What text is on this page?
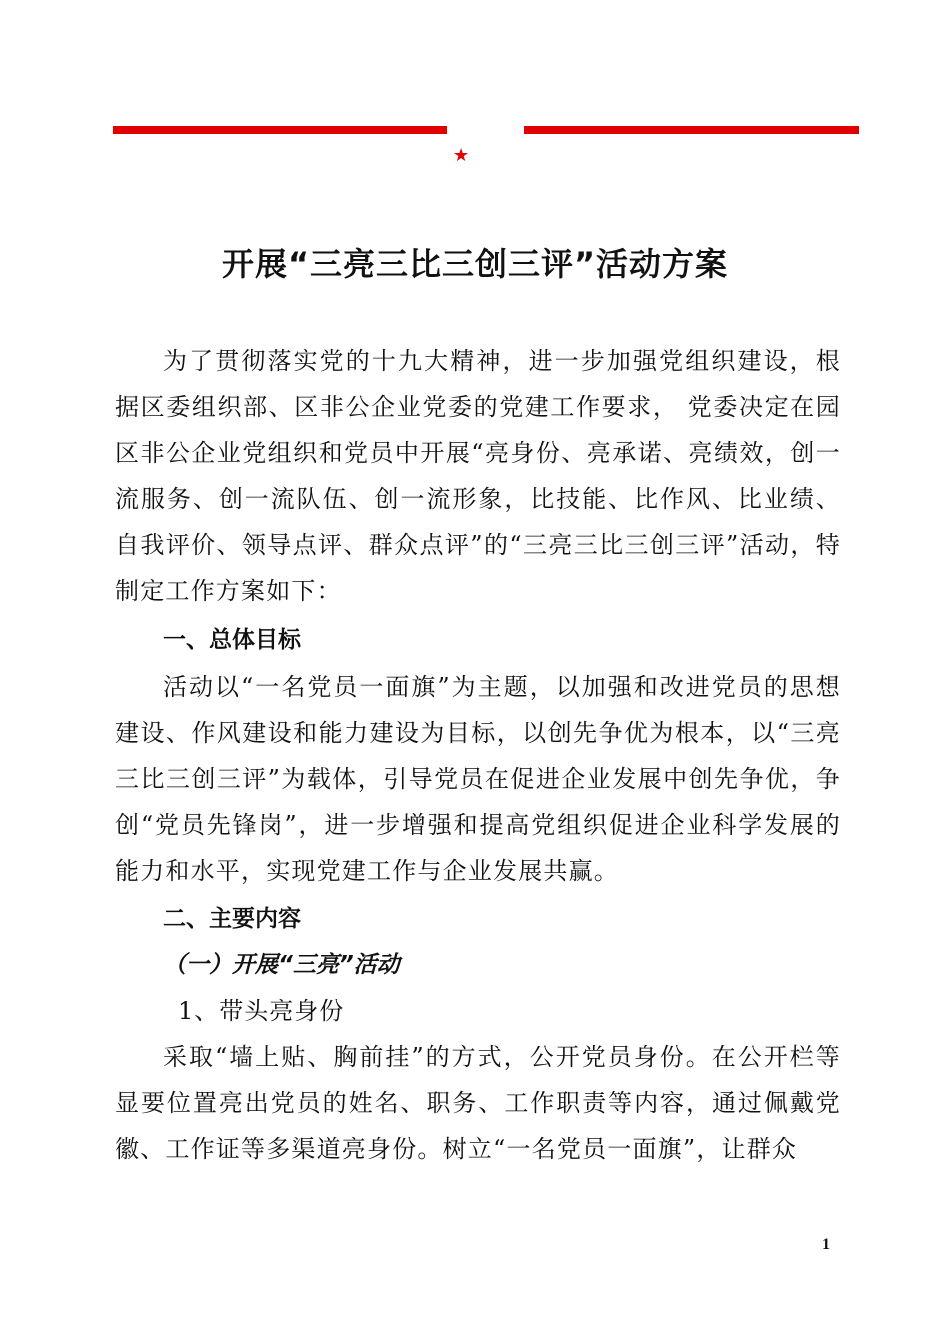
★
开展“三亮三比三创三评”活动方案

为了贯彻落实党的十九大精神，进一步加强党组织建设，根据区委组织部、区非公企业党委的党建工作要求， 党委决定在园区非公企业党组织和党员中开展“亮身份、亮承诺、亮绩效，创一流服务、创一流队伍、创一流形象，比技能、比作风、比业绩、自我评价、领导点评、群众点评”的“三亮三比三创三评”活动，特制定工作方案如下：

一、总体目标

活动以“一名党员一面旗”为主题，以加强和改进党员的思想建设、作风建设和能力建设为目标，以创先争优为根本，以“三亮三比三创三评”为载体，引导党员在促进企业发展中创先争优，争创“党员先锋岗”，进一步增强和提高党组织促进企业科学发展的能力和水平，实现党建工作与企业发展共赢。

二、主要内容
（一）开展“三亮”活动
1、带头亮身份

采取“墙上贴、胸前挂”的方式，公开党员身份。在公开栏等显要位置亮出党员的姓名、职务、工作职责等内容，通过佩戴党徽、工作证等多渠道亮身份。树立“一名党员一面旗”，让群众

1
